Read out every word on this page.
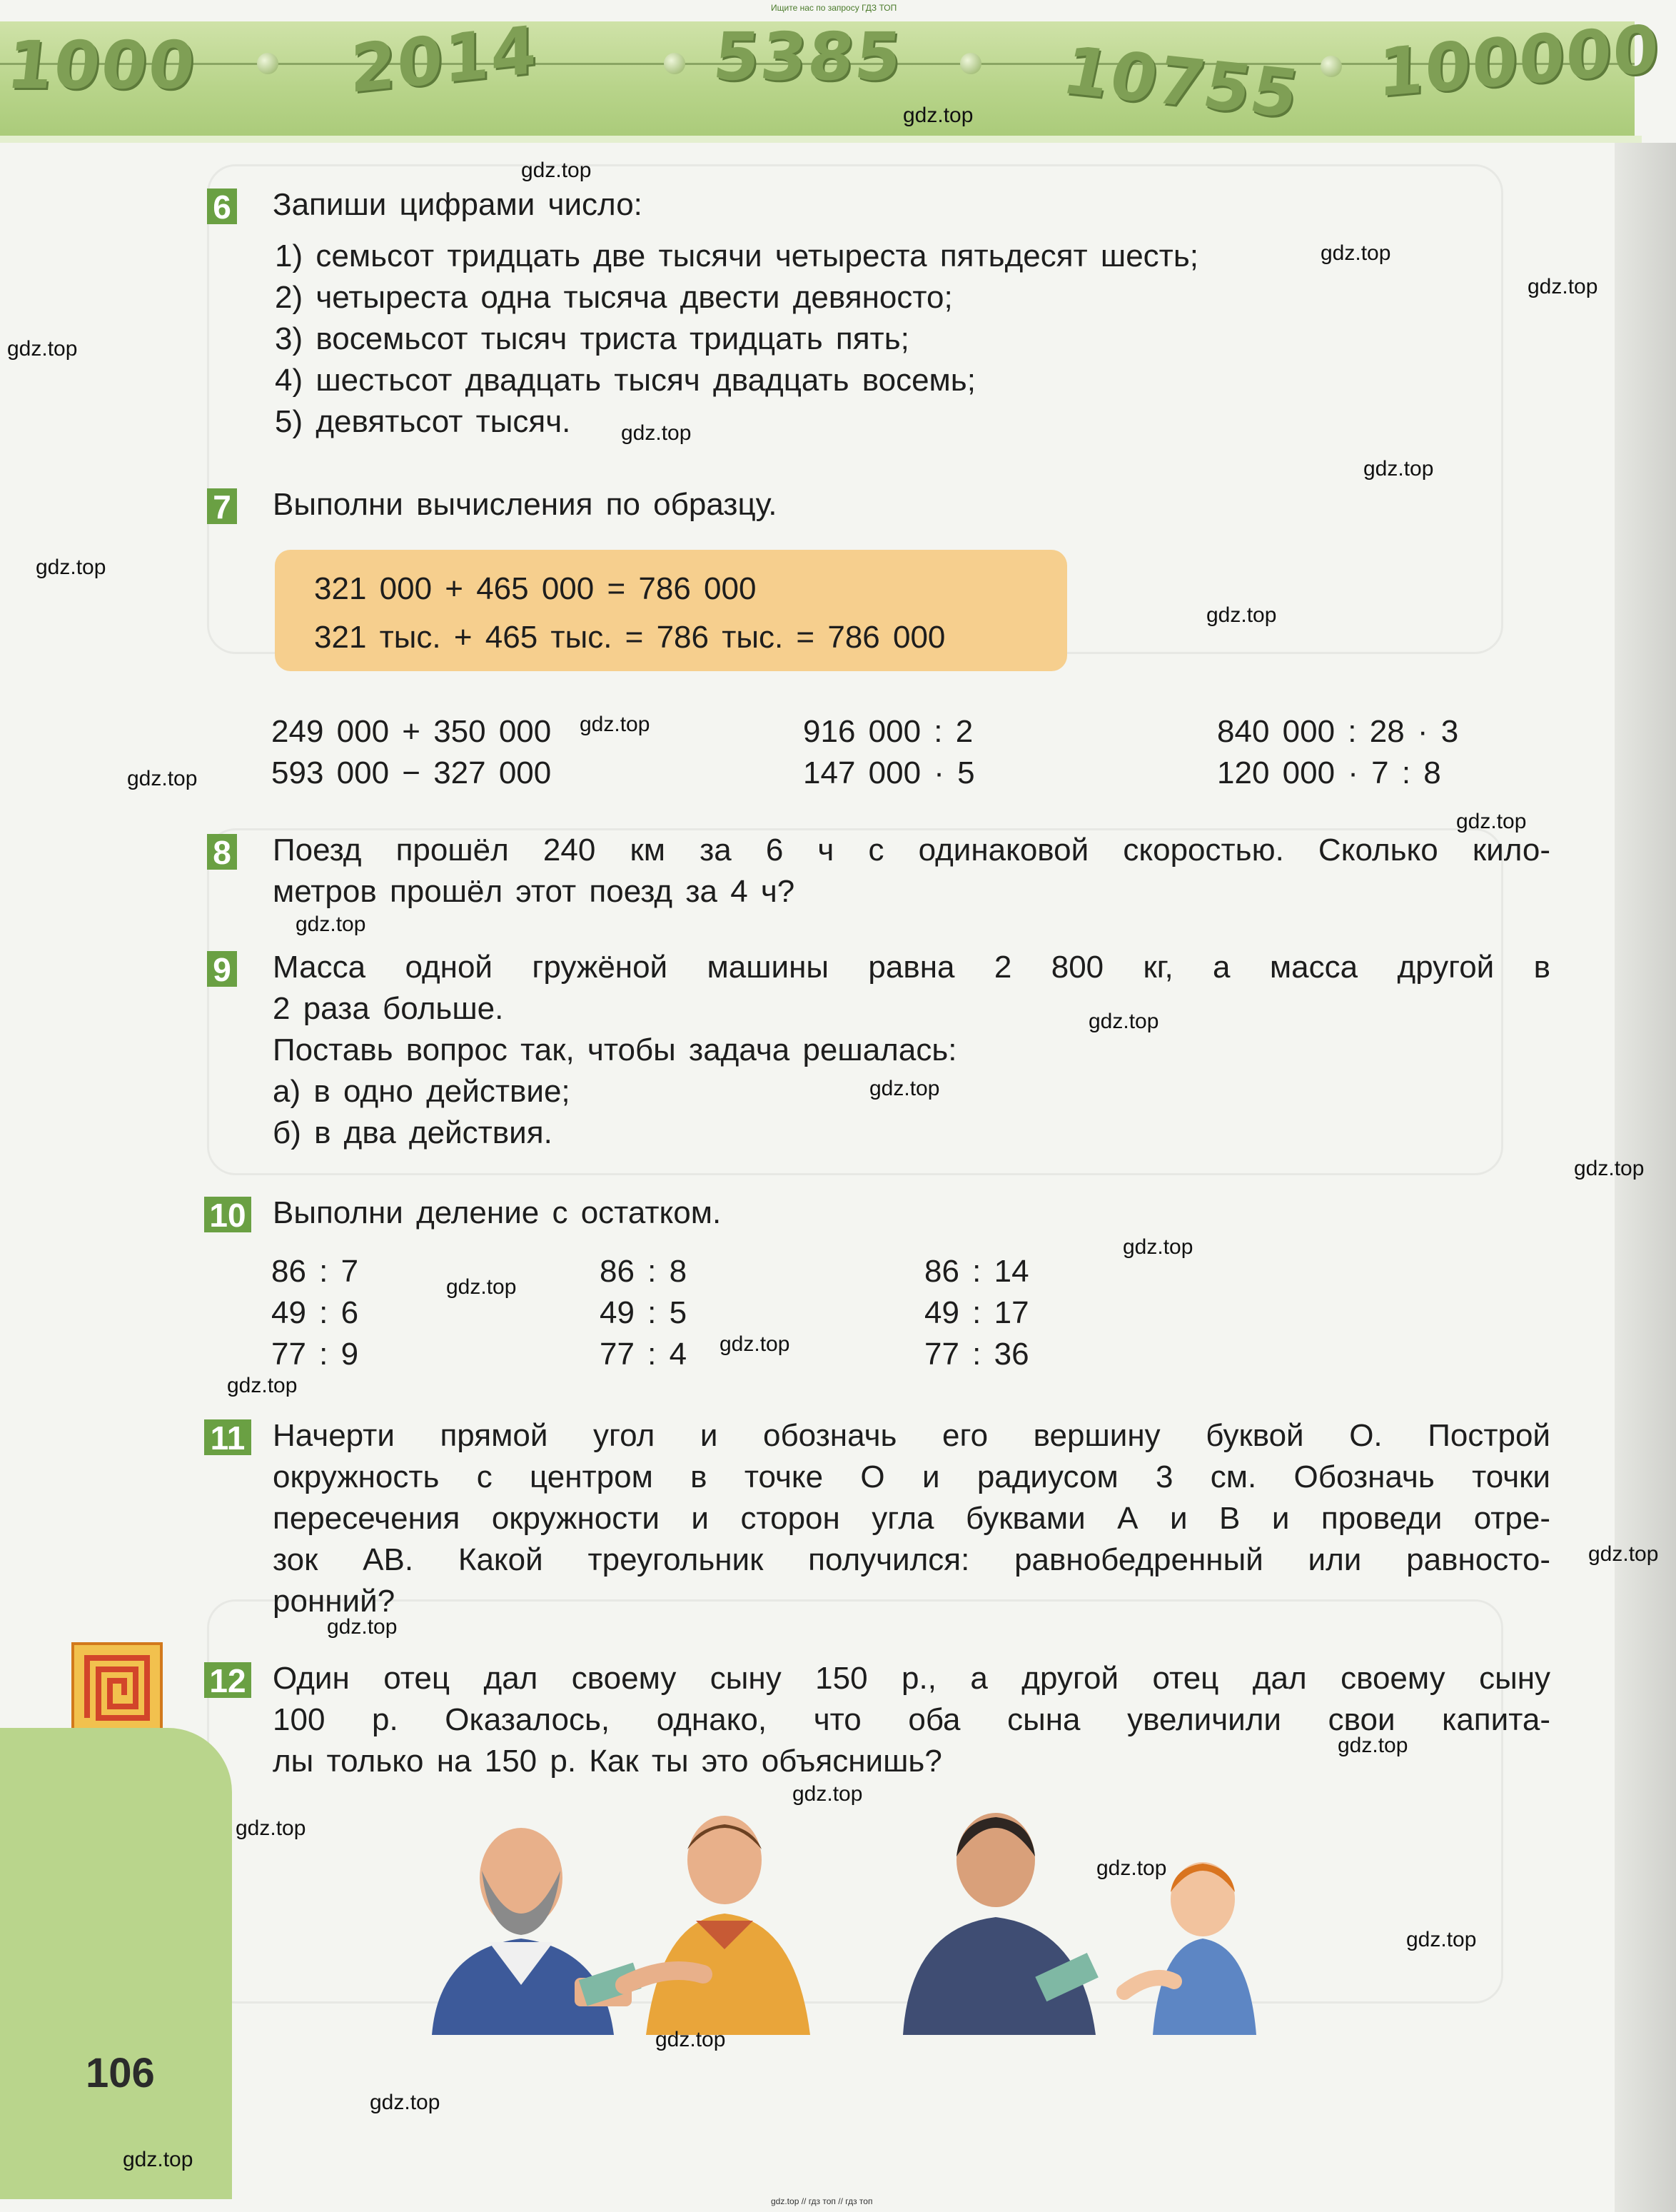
1000 2014	5385 10755 100000
Ищите нас по запросу ГДЗ ТОП
6 Запиши цифрами число:
1) семьсот тридцать две тысячи четыреста пятьдесят шесть;
2) четыреста одна тысяча двести девяносто;
3) восемьсот тысяч триста тридцать пять;
4) шестьсот двадцать тысяч двадцать восемь;
5) девятьсот тысяч.
7 Выполни вычисления по образцу.
321 000 + 465 000 = 786 000
321 тыс. + 465 тыс. = 786 тыс. = 786 000
249 000 + 350 000
593 000 − 327 000
916 000 : 2
147 000 · 5
840 000 : 28 · 3
120 000 · 7 : 8
8 Поезд прошёл 240 км за 6 ч с одинаковой скоростью. Сколько кило-
метров прошёл этот поезд за 4 ч?
9 Масса одной гружёной машины равна 2 800 кг, а масса другой в
2 раза больше.
Поставь вопрос так, чтобы задача решалась:
а) в одно действие;
б) в два действия.
10 Выполни деление с остатком.
86 : 7
49 : 6
77 : 9
86 : 8
49 : 5
77 : 4
86 : 14
49 : 17
77 : 36
11 Начерти прямой угол и обозначь его вершину буквой О. Построй
окружность с центром в точке О и радиусом 3 см. Обозначь точки
пересечения окружности и сторон угла буквами А и В и проведи отре-
зок АВ. Какой треугольник получился: равнобедренный или равносто-
ронний?
12 Один отец дал своему сыну 150 р., а другой отец дал своему сыну
100 р. Оказалось, однако, что оба сына увеличили свои капита-
лы только на 150 р. Как ты это объяснишь?
106
gdz.top
gdz.top
gdz.top
gdz.top
gdz.top
gdz.top
gdz.top
gdz.top
gdz.top
gdz.top
gdz.top
gdz.top
gdz.top
gdz.top
gdz.top
gdz.top
gdz.top
gdz.top
gdz.top
gdz.top
gdz.top
gdz.top
gdz.top
gdz.top
gdz.top
gdz.top
gdz.top
gdz.top
gdz.top
gdz.top
gdz.top // гдз топ // гдз топ
